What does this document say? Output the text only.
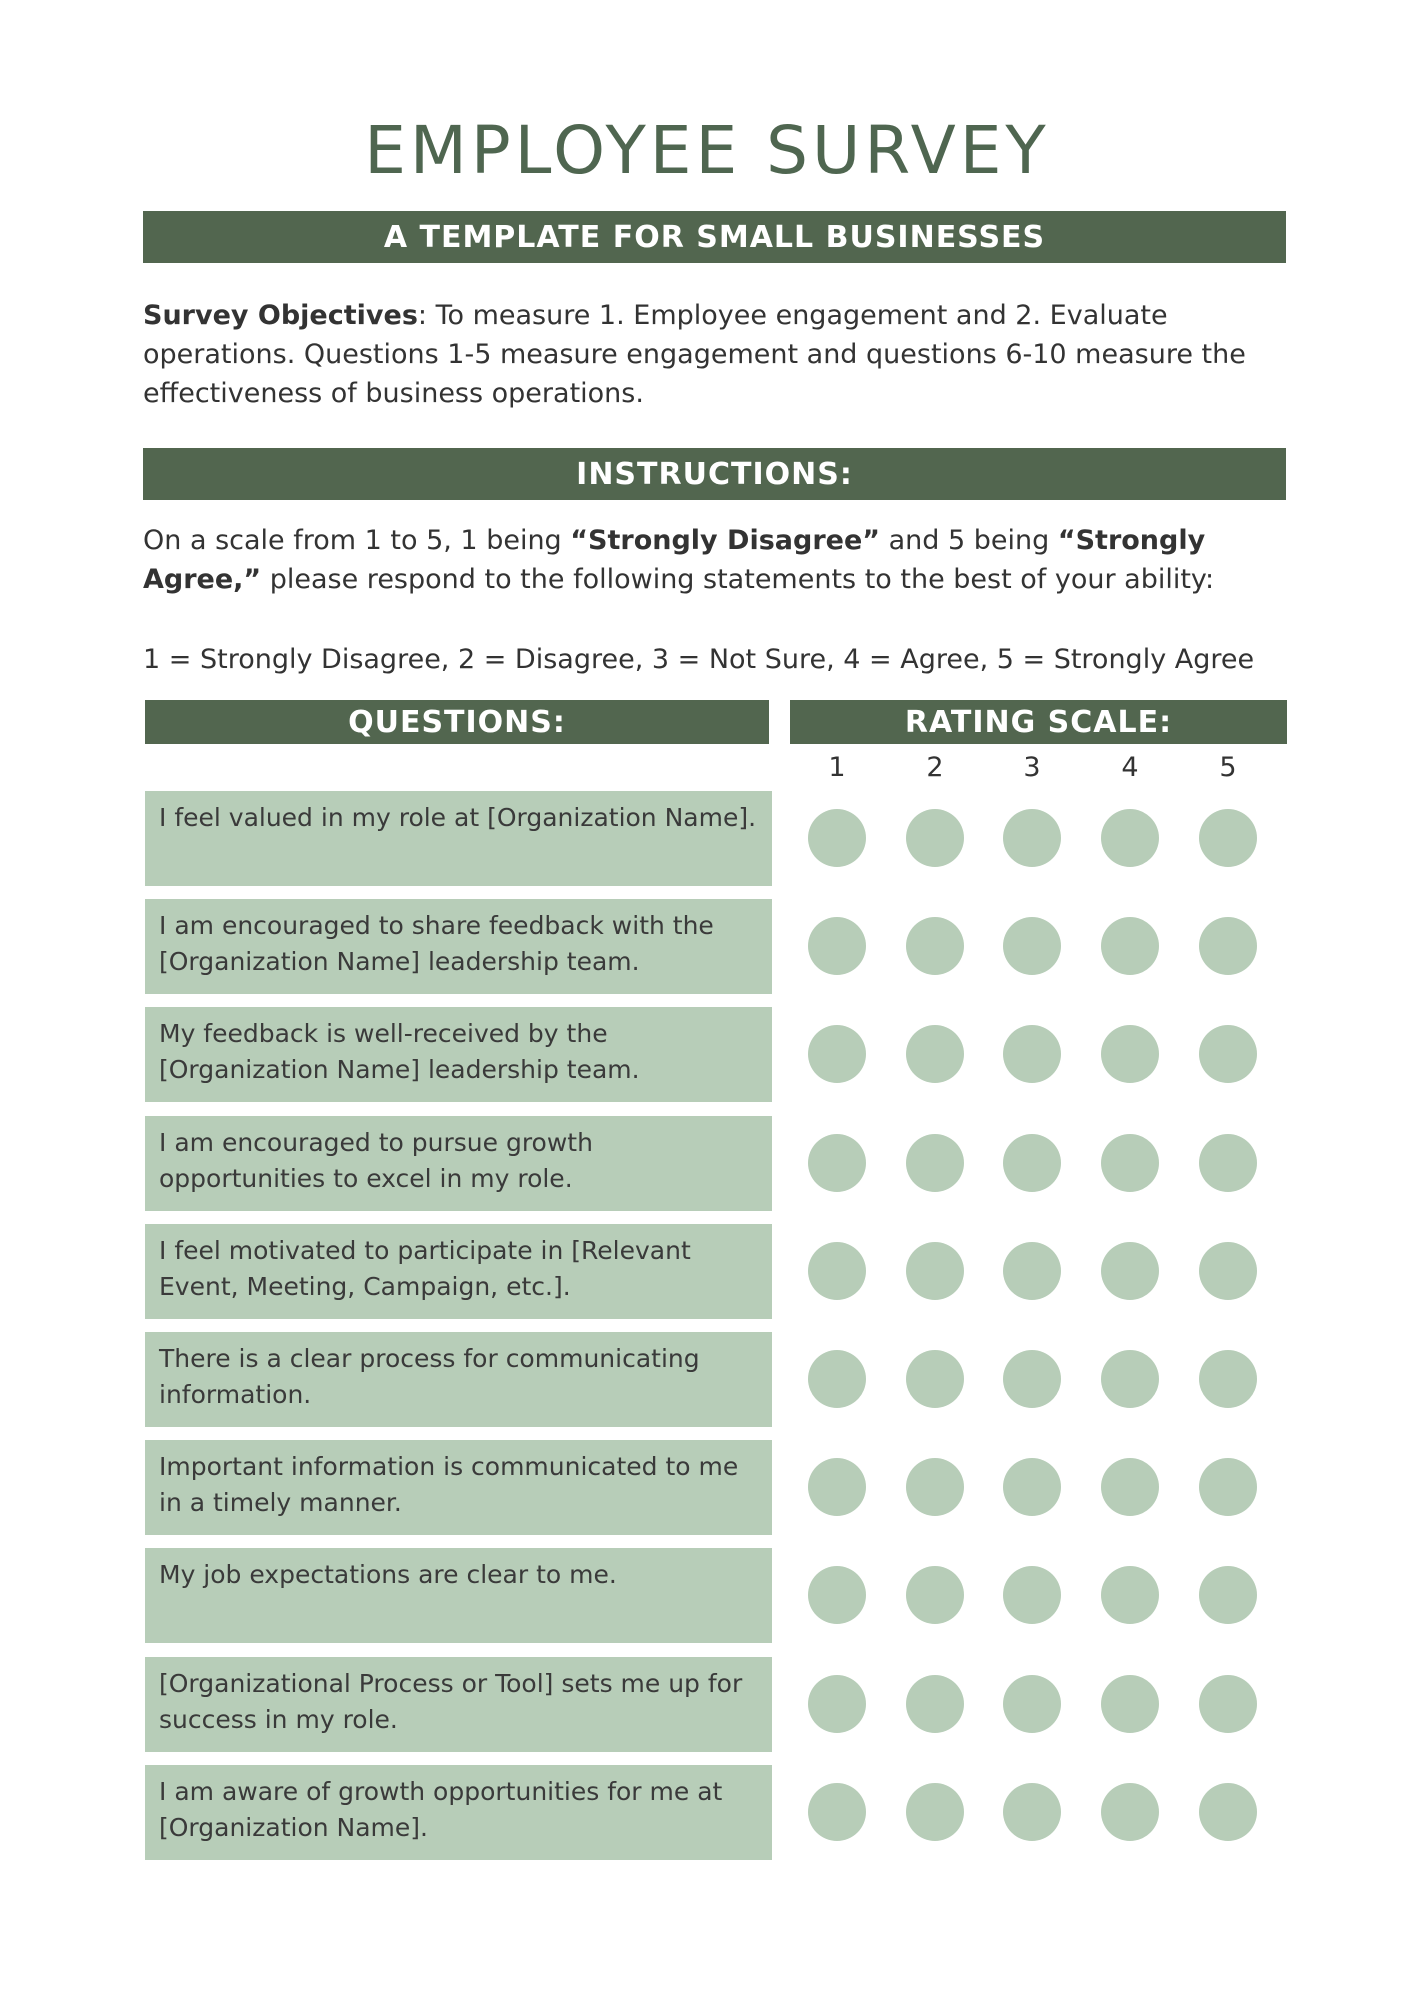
EMPLOYEE SURVEY
A TEMPLATE FOR SMALL BUSINESSES
Survey Objectives: To measure 1. Employee engagement and 2. Evaluate operations. Questions 1-5 measure engagement and questions 6-10 measure the effectiveness of business operations.
INSTRUCTIONS:
On a scale from 1 to 5, 1 being “Strongly Disagree” and 5 being “Strongly Agree,” please respond to the following statements to the best of your ability:
1 = Strongly Disagree, 2 = Disagree, 3 = Not Sure, 4 = Agree, 5 = Strongly Agree
QUESTIONS:	RATING SCALE:
1	2	3	4	5
I feel valued in my role at [Organization Name].
I am encouraged to share feedback with the [Organization Name] leadership team.
My feedback is well-received by the [Organization Name] leadership team.
I am encouraged to pursue growth opportunities to excel in my role.
I feel motivated to participate in [Relevant Event, Meeting, Campaign, etc.].
There is a clear process for communicating information.
Important information is communicated to me in a timely manner.
My job expectations are clear to me.
[Organizational Process or Tool] sets me up for success in my role.
I am aware of growth opportunities for me at [Organization Name].
